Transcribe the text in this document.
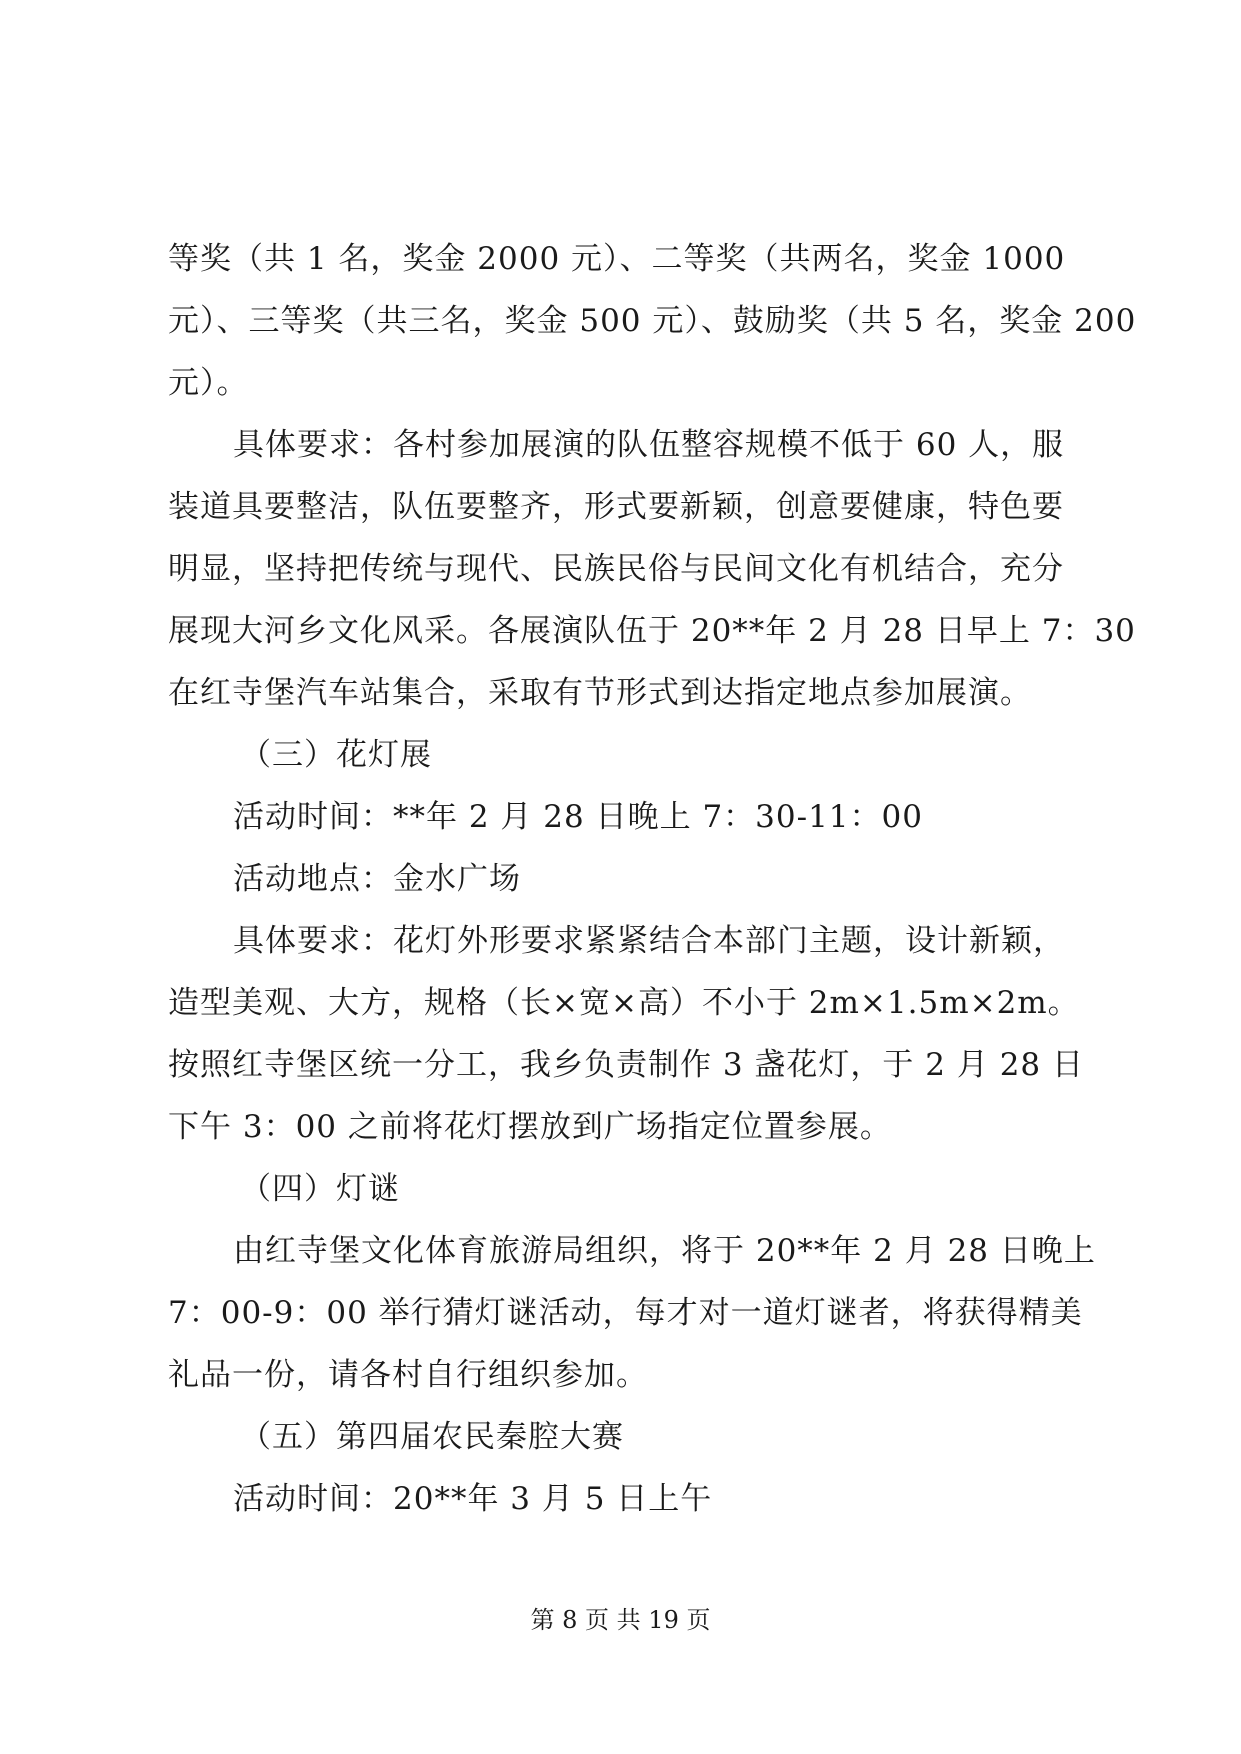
等奖（共 1 名，奖金 2000 元）、二等奖（共两名，奖金 1000
元）、三等奖（共三名，奖金 500 元）、鼓励奖（共 5 名，奖金 200
元）。
具体要求：各村参加展演的队伍整容规模不低于 60 人，服
装道具要整洁，队伍要整齐，形式要新颖，创意要健康，特色要
明显，坚持把传统与现代、民族民俗与民间文化有机结合，充分
展现大河乡文化风采。各展演队伍于 20**年 2 月 28 日早上 7：30
在红寺堡汽车站集合，采取有节形式到达指定地点参加展演。
（三）花灯展
活动时间：**年 2 月 28 日晚上 7：30-11：00
活动地点：金水广场
具体要求：花灯外形要求紧紧结合本部门主题，设计新颖，
造型美观、大方，规格（长×宽×高）不小于 2m×1.5m×2m。
按照红寺堡区统一分工，我乡负责制作 3 盏花灯，于 2 月 28 日
下午 3：00 之前将花灯摆放到广场指定位置参展。
（四）灯谜
由红寺堡文化体育旅游局组织，将于 20**年 2 月 28 日晚上
7：00-9：00 举行猜灯谜活动，每才对一道灯谜者，将获得精美
礼品一份，请各村自行组织参加。
（五）第四届农民秦腔大赛
活动时间：20**年 3 月 5 日上午
第 8 页 共 19 页
